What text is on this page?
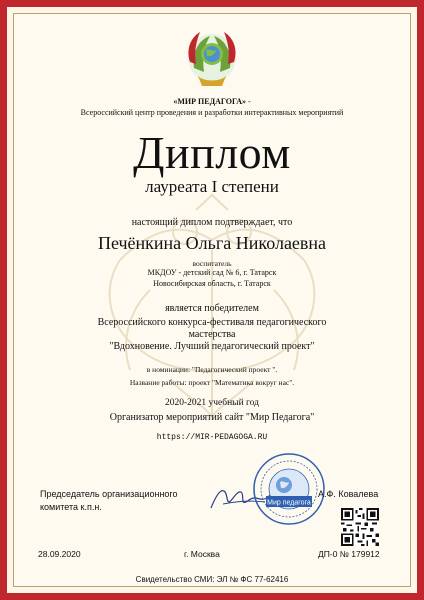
«МИР ПЕДАГОГА» -
Всероссийский центр проведения и разработки интерактивных мероприятий
Диплом
лауреата I степени
настоящий диплом подтверждает, что
Печёнкина Ольга Николаевна
воспитатель
МКДОУ - детский сад № 6, г. Татарск
Новосибирская область, г. Татарск
является победителем
Всероссийского конкурса-фестиваля педагогического
мастерства
"Вдохновение. Лучший педагогический проект"
в номинации: "Педагогический проект ".
Название работы: проект "Математика вокруг нас".
2020-2021 учебный год
Организатор мероприятий сайт "Мир Педагога"
https://MIR-PEDAGOGA.RU
Председатель организационного
комитета к.п.н.	Мир педагога
А.Ф. Ковалева
28.09.2020	г. Москва	ДП-0 № 179912
Свидетельство СМИ: ЭЛ № ФС 77-62416
